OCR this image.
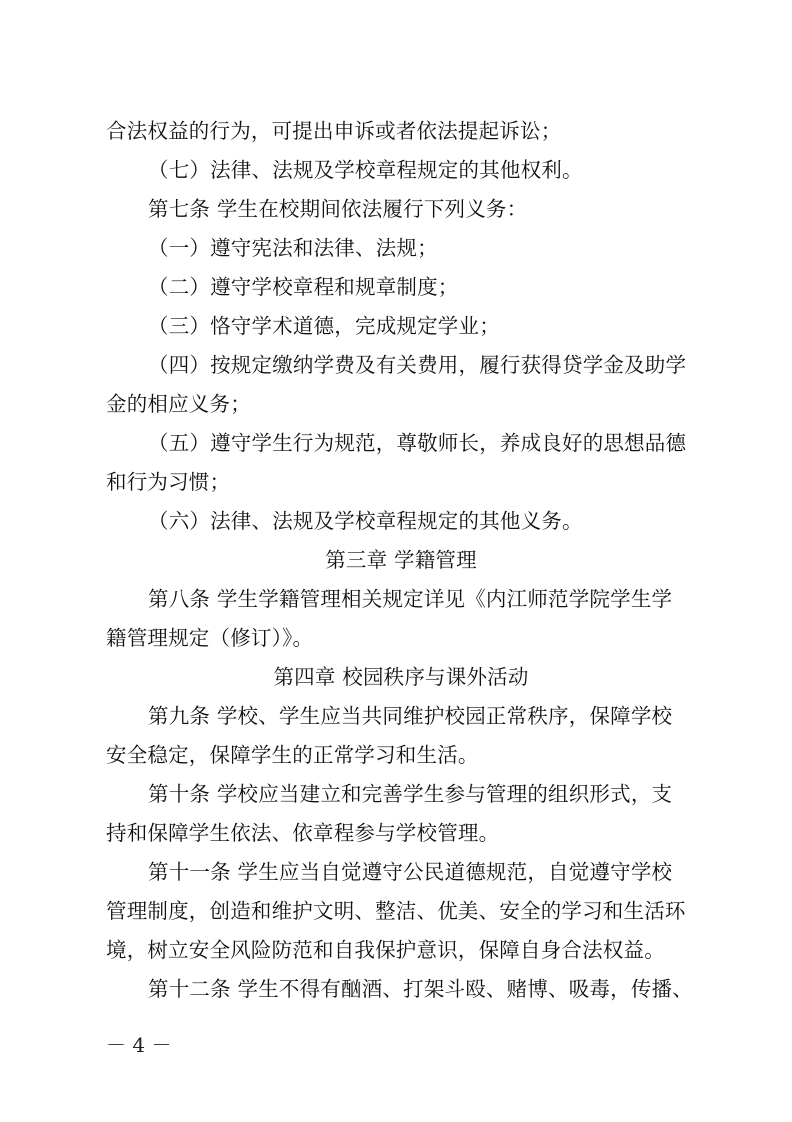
合法权益的行为，可提出申诉或者依法提起诉讼；
（七）法律、法规及学校章程规定的其他权利。
第七条 学生在校期间依法履行下列义务：
（一）遵守宪法和法律、法规；
（二）遵守学校章程和规章制度；
（三）恪守学术道德，完成规定学业；
（四）按规定缴纳学费及有关费用，履行获得贷学金及助学
金的相应义务；
（五）遵守学生行为规范，尊敬师长，养成良好的思想品德
和行为习惯；
（六）法律、法规及学校章程规定的其他义务。
第三章 学籍管理
第八条 学生学籍管理相关规定详见《内江师范学院学生学
籍管理规定（修订）》。
第四章 校园秩序与课外活动
第九条 学校、学生应当共同维护校园正常秩序，保障学校
安全稳定，保障学生的正常学习和生活。
第十条 学校应当建立和完善学生参与管理的组织形式，支
持和保障学生依法、依章程参与学校管理。
第十一条 学生应当自觉遵守公民道德规范，自觉遵守学校
管理制度，创造和维护文明、整洁、优美、安全的学习和生活环
境，树立安全风险防范和自我保护意识，保障自身合法权益。
第十二条 学生不得有酗酒、打架斗殴、赌博、吸毒，传播、
－ 4 －
